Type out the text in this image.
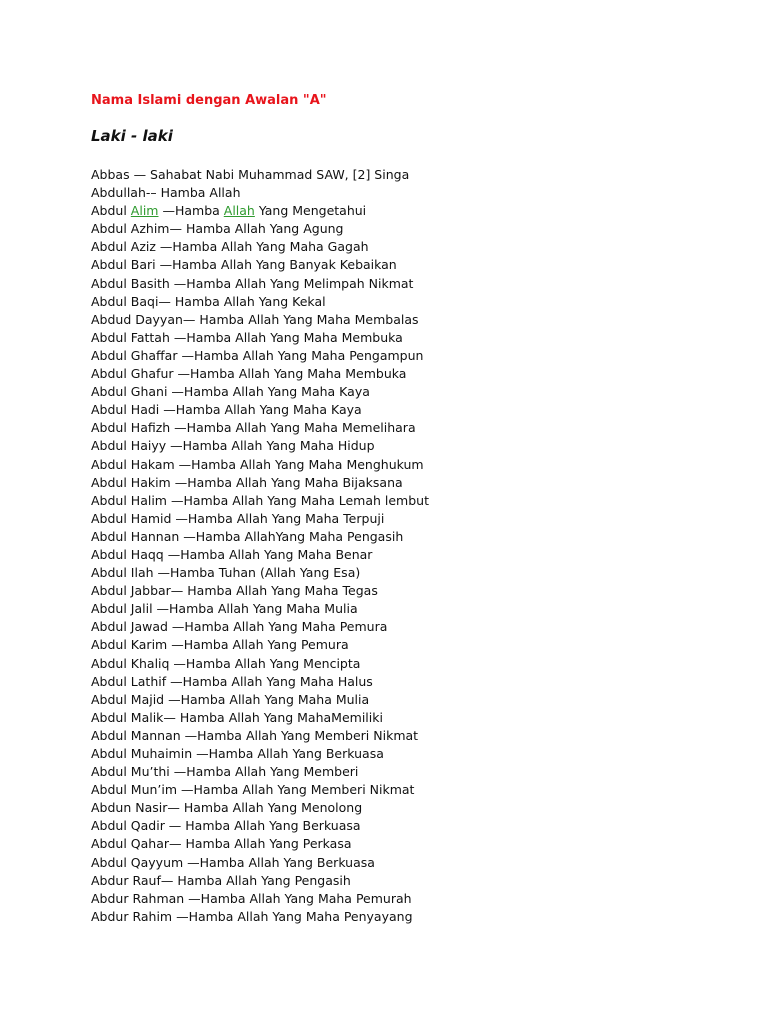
Nama Islami dengan Awalan "A"
Laki - laki
Abbas — Sahabat Nabi Muhammad SAW, [2] Singa
Abdullah-– Hamba Allah
Abdul Alim —Hamba Allah Yang Mengetahui
Abdul Azhim— Hamba Allah Yang Agung
Abdul Aziz —Hamba Allah Yang Maha Gagah
Abdul Bari —Hamba Allah Yang Banyak Kebaikan
Abdul Basith —Hamba Allah Yang Melimpah Nikmat
Abdul Baqi— Hamba Allah Yang Kekal
Abdud Dayyan— Hamba Allah Yang Maha Membalas
Abdul Fattah —Hamba Allah Yang Maha Membuka
Abdul Ghaffar —Hamba Allah Yang Maha Pengampun
Abdul Ghafur —Hamba Allah Yang Maha Membuka
Abdul Ghani —Hamba Allah Yang Maha Kaya
Abdul Hadi —Hamba Allah Yang Maha Kaya
Abdul Hafizh —Hamba Allah Yang Maha Memelihara
Abdul Haiyy —Hamba Allah Yang Maha Hidup
Abdul Hakam —Hamba Allah Yang Maha Menghukum
Abdul Hakim —Hamba Allah Yang Maha Bijaksana
Abdul Halim —Hamba Allah Yang Maha Lemah lembut
Abdul Hamid —Hamba Allah Yang Maha Terpuji
Abdul Hannan —Hamba AllahYang Maha Pengasih
Abdul Haqq —Hamba Allah Yang Maha Benar
Abdul Ilah —Hamba Tuhan (Allah Yang Esa)
Abdul Jabbar— Hamba Allah Yang Maha Tegas
Abdul Jalil —Hamba Allah Yang Maha Mulia
Abdul Jawad —Hamba Allah Yang Maha Pemura
Abdul Karim —Hamba Allah Yang Pemura
Abdul Khaliq —Hamba Allah Yang Mencipta
Abdul Lathif —Hamba Allah Yang Maha Halus
Abdul Majid —Hamba Allah Yang Maha Mulia
Abdul Malik— Hamba Allah Yang MahaMemiliki
Abdul Mannan —Hamba Allah Yang Memberi Nikmat
Abdul Muhaimin —Hamba Allah Yang Berkuasa
Abdul Mu’thi —Hamba Allah Yang Memberi
Abdul Mun’im —Hamba Allah Yang Memberi Nikmat
Abdun Nasir— Hamba Allah Yang Menolong
Abdul Qadir — Hamba Allah Yang Berkuasa
Abdul Qahar— Hamba Allah Yang Perkasa
Abdul Qayyum —Hamba Allah Yang Berkuasa
Abdur Rauf— Hamba Allah Yang Pengasih
Abdur Rahman —Hamba Allah Yang Maha Pemurah
Abdur Rahim —Hamba Allah Yang Maha Penyayang
